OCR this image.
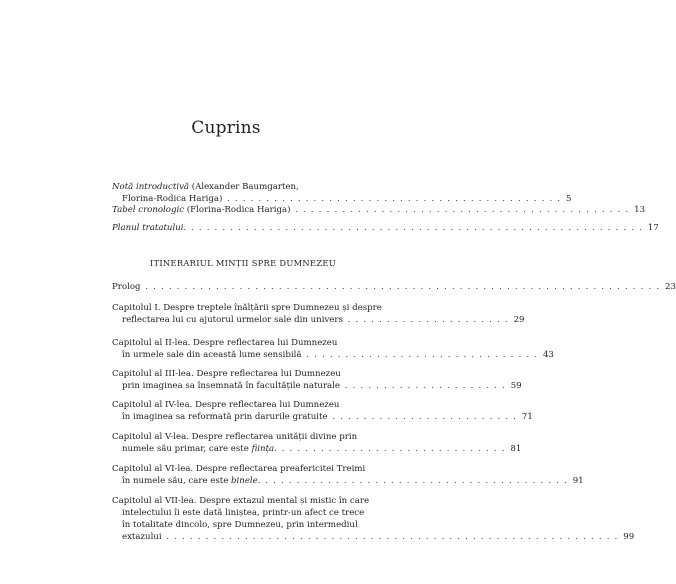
Cuprins
Notă introductivă (Alexander Baumgarten,
Florina-Rodica Hariga) . . . . . . . . . . . . . . . . . . . . . . . . . . . . . . . . . . . . . . . . . . . 5
Tabel cronologic (Florina-Rodica Hariga) . . . . . . . . . . . . . . . . . . . . . . . . . . . . . . . . . . . . . . . . . . . 13
Planul tratatului. . . . . . . . . . . . . . . . . . . . . . . . . . . . . . . . . . . . . . . . . . . . . . . . . . . . . . . . . . . 17
ITINERARIUL MINȚII SPRE DUMNEZEU
Prolog . . . . . . . . . . . . . . . . . . . . . . . . . . . . . . . . . . . . . . . . . . . . . . . . . . . . . . . . . . . . . . . . . . 23
Capitolul I. Despre treptele înălțării spre Dumnezeu și despre
reflectarea lui cu ajutorul urmelor sale din univers . . . . . . . . . . . . . . . . . . . . . 29
Capitolul al II-lea. Despre reflectarea lui Dumnezeu
în urmele sale din această lume sensibilă . . . . . . . . . . . . . . . . . . . . . . . . . . . . . . 43
Capitolul al III-lea. Despre reflectarea lui Dumnezeu
prin imaginea sa însemnată în facultățile naturale . . . . . . . . . . . . . . . . . . . . . 59
Capitolul al IV-lea. Despre reflectarea lui Dumnezeu
în imaginea sa reformată prin darurile gratuite . . . . . . . . . . . . . . . . . . . . . . . . 71
Capitolul al V-lea. Despre reflectarea unității divine prin
numele său primar, care este ființa. . . . . . . . . . . . . . . . . . . . . . . . . . . . . . 81
Capitolul al VI-lea. Despre reflectarea preafericitei Treimi
în numele său, care este binele. . . . . . . . . . . . . . . . . . . . . . . . . . . . . . . . . . . . . . . . 91
Capitolul al VII-lea. Despre extazul mental și mistic în care
intelectului îi este dată liniștea, printr-un afect ce trece
în totalitate dincolo, spre Dumnezeu, prin intermediul
extazului . . . . . . . . . . . . . . . . . . . . . . . . . . . . . . . . . . . . . . . . . . . . . . . . . . . . . . . . . . 99
